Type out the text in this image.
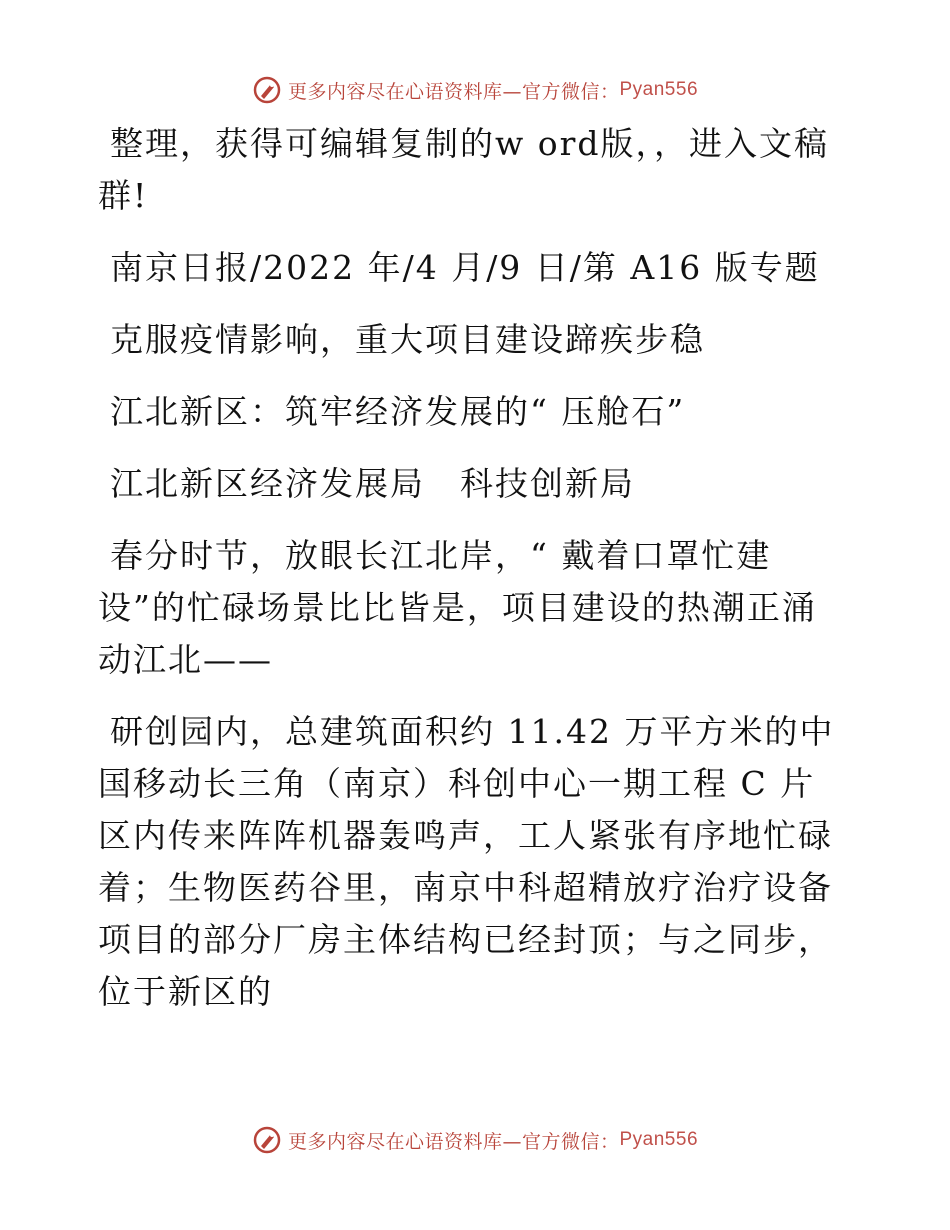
更多内容尽在心语资料库—官方微信： Pyan556

整理，获得可编辑复制的w ord版，，进入文稿群!

南京日报/2022 年/4 月/9 日/第 A16 版专题

克服疫情影响，重大项目建设蹄疾步稳

江北新区：筑牢经济发展的“ 压舱石”

江北新区经济发展局　科技创新局

春分时节，放眼长江北岸，“ 戴着口罩忙建设”的忙碌场景比比皆是，项目建设的热潮正涌动江北——

研创园内，总建筑面积约 11.42 万平方米的中国移动长三角（南京）科创中心一期工程 C 片区内传来阵阵机器轰鸣声，工人紧张有序地忙碌着；生物医药谷里，南京中科超精放疗治疗设备项目的部分厂房主体结构已经封顶；与之同步，位于新区的

更多内容尽在心语资料库—官方微信： Pyan556
